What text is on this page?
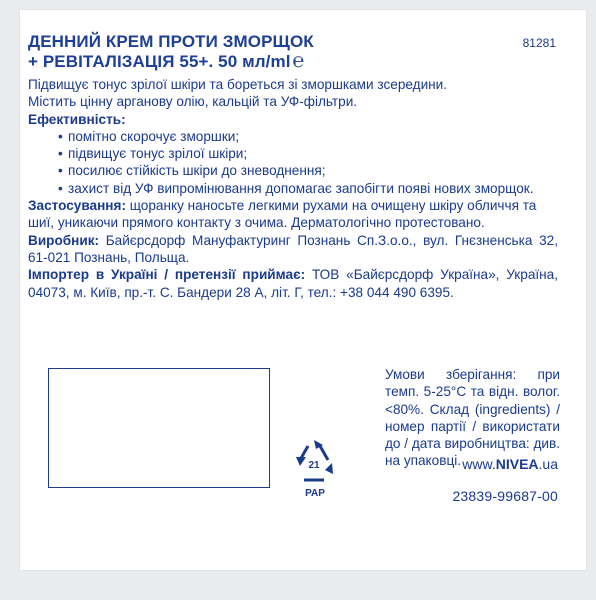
ДЕННИЙ КРЕМ ПРОТИ ЗМОРЩОК
+ РЕВІТАЛІЗАЦІЯ 55+. 50 мл/ml ℮
81281

Підвищує тонус зрілої шкіри та бореться зі зморшками зсередини.

Містить цінну арганову олію, кальцій та УФ-фільтри.

Ефективність:

• помітно скорочує зморшки;
• підвищує тонус зрілої шкіри;
• посилює стійкість шкіри до зневоднення;
• захист від УФ випромінювання допомагає запобігти появі нових зморщок.

Застосування: щоранку наносьте легкими рухами на очищену шкіру обличчя та шиї, уникаючи прямого контакту з очима. Дерматологічно протестовано.

Виробник: Байєрсдорф Мануфактуринг Познань Сп.З.о.о., вул. Гнєзненська 32, 61-021 Познань, Польща.

Імпортер в Україні / претензії приймає: ТОВ «Байєрсдорф Україна», Україна, 04073, м. Київ, пр.-т. С. Бандери 28 А, літ. Г, тел.: +38 044 490 6395.

Умови зберігання: при темп. 5-25°С та відн. волог. <80%. Склад (ingredients) / номер партії / використати до / дата виробництва: див. на упаковці.
21
PAP
www.NIVEA.ua
23839-99687-00
